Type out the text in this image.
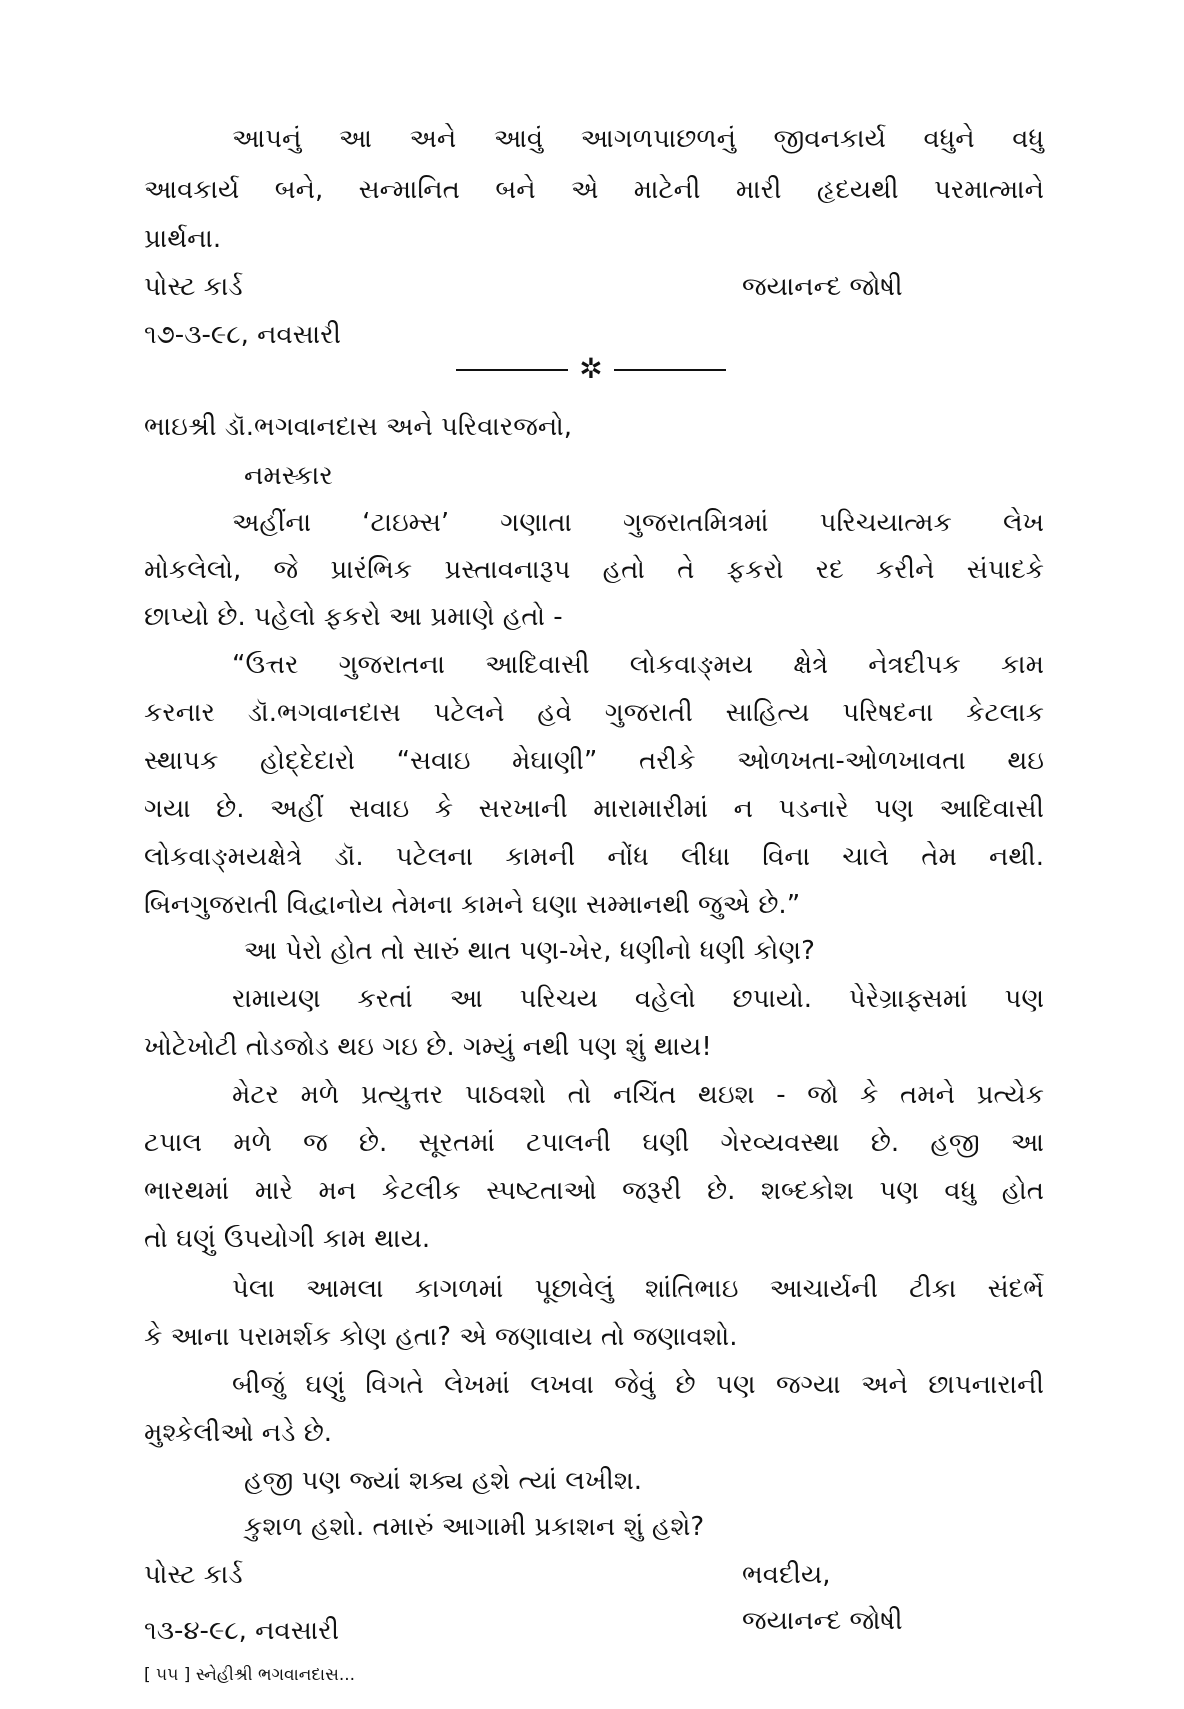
આપનું આ અને આવું આગળપાછળનું જીવનકાર્ય વધુને વધુ
આવકાર્ય બને, સન્માનિત બને એ માટેની મારી હૃદયથી પરમાત્માને
પ્રાર્થના.
પોસ્ટ કાર્ડ	જયાનન્દ જોષી
૧૭-૩-૯૮, નવસારી
✲
ભાઇશ્રી ડૉ.ભગવાનદાસ અને પરિવારજનો,
નમસ્કાર
અહીંના ‘ટાઇમ્સ’ ગણાતા ગુજરાતમિત્રમાં પરિચયાત્મક લેખ
મોકલેલો, જે પ્રારંભિક પ્રસ્તાવનારૂપ હતો તે ફકરો રદ કરીને સંપાદકે
છાપ્યો છે. પહેલો ફકરો આ પ્રમાણે હતો -
“ઉત્તર ગુજરાતના આદિવાસી લોકવાઙ્મય ક્ષેત્રે નેત્રદીપક કામ
કરનાર ડૉ.ભગવાનદાસ પટેલને હવે ગુજરાતી સાહિત્ય પરિષદના કેટલાક
સ્થાપક હોદ્દેદારો “સવાઇ મેઘાણી” તરીકે ઓળખતા-ઓળખાવતા થઇ
ગયા છે. અહીં સવાઇ કે સરખાની મારામારીમાં ન પડનારે પણ આદિવાસી
લોકવાઙ્મયક્ષેત્રે ડૉ. પટેલના કામની નોંધ લીધા વિના ચાલે તેમ નથી.
બિનગુજરાતી વિદ્વાનોય તેમના કામને ઘણા સમ્માનથી જુએ છે.”
આ પેરો હોત તો સારું થાત પણ-ખેર, ધણીનો ધણી કોણ?
રામાયણ કરતાં આ પરિચય વહેલો છપાયો. પેરેગ્રાફ્સમાં પણ
ખોટેખોટી તોડજોડ થઇ ગઇ છે. ગમ્યું નથી પણ શું થાય!
મેટર મળે પ્રત્યુત્તર પાઠવશો તો નચિંત થઇશ - જો કે તમને પ્રત્યેક
ટપાલ મળે જ છે. સૂરતમાં ટપાલની ઘણી ગેરવ્યવસ્થા છે. હજી આ
ભારથમાં મારે મન કેટલીક સ્પષ્ટતાઓ જરૂરી છે. શબ્દકોશ પણ વધુ હોત
તો ઘણું ઉપયોગી કામ થાય.
પેલા આમલા કાગળમાં પૂછાવેલું શાંતિભાઇ આચાર્યની ટીકા સંદર્ભે
કે આના પરામર્શક કોણ હતા? એ જણાવાય તો જણાવશો.
બીજું ઘણું વિગતે લેખમાં લખવા જેવું છે પણ જગ્યા અને છાપનારાની
મુશ્કેલીઓ નડે છે.
હજી પણ જ્યાં શક્ય હશે ત્યાં લખીશ.
કુશળ હશો. તમારું આગામી પ્રકાશન શું હશે?
પોસ્ટ કાર્ડ	ભવદીય,
જયાનન્દ જોષી
૧૩-૪-૯૮, નવસારી
[ ૫૫ ] સ્નેહીશ્રી ભગવાનદાસ...
